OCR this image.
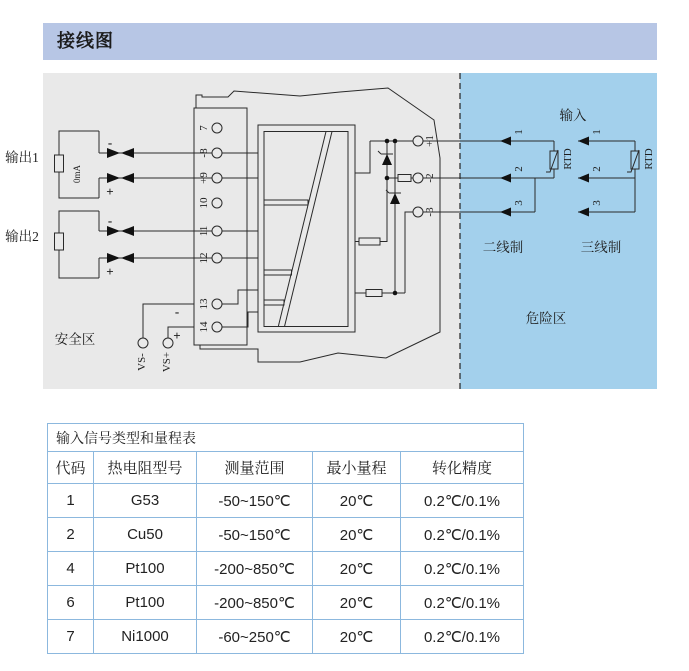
接线图
-
+
0mA
-
+
7
-8
+9
10
11
12
13
14
VS- VS+
-
+
+1
-2
-3
1
2
3
RTD
1
2
3
RTD
输出1
输出2
安全区
输入
二线制	三线制
危险区
输入信号类型和量程表				
代码	热电阻型号	测量范围	最小量程	转化精度
1	G53	-50~150℃	20℃	0.2℃/0.1%
2	Cu50	-50~150℃	20℃	0.2℃/0.1%
4	Pt100	-200~850℃	20℃	0.2℃/0.1%
6	Pt100	-200~850℃	20℃	0.2℃/0.1%
7	Ni1000	-60~250℃	20℃	0.2℃/0.1%
